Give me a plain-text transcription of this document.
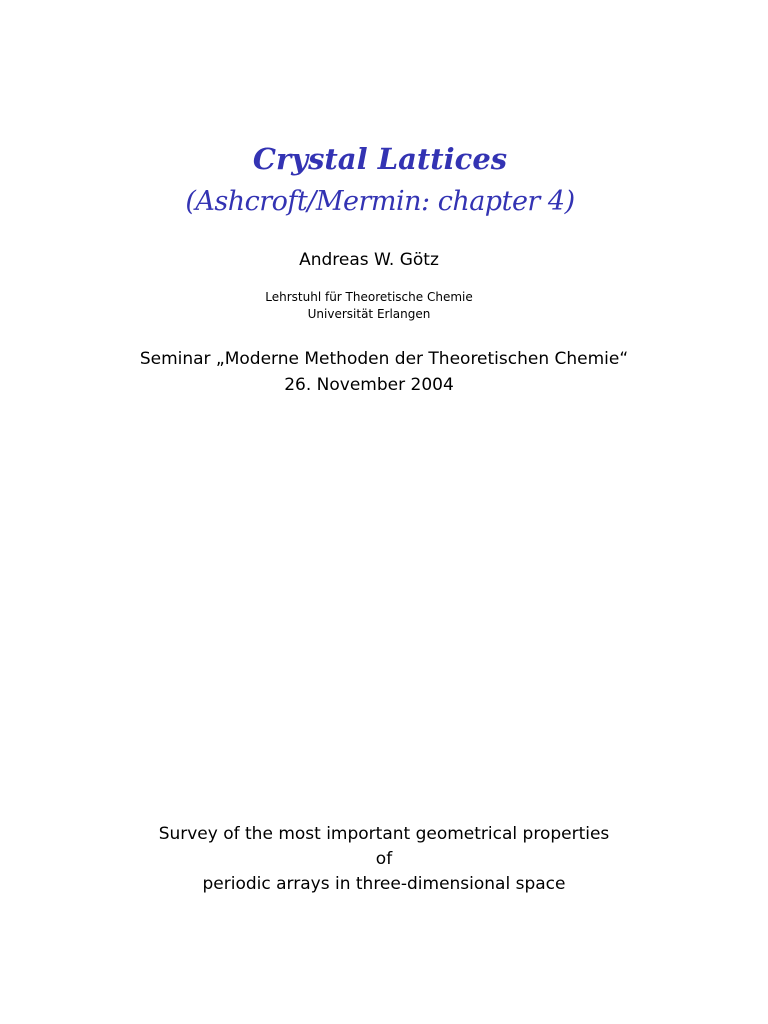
Crystal Lattices
(Ashcroft/Mermin: chapter 4)
Andreas W. Götz
Lehrstuhl für Theoretische Chemie
Universität Erlangen
Seminar „Moderne Methoden der Theoretischen Chemie“
26. November 2004
Survey of the most important geometrical properties
of
periodic arrays in three-dimensional space
